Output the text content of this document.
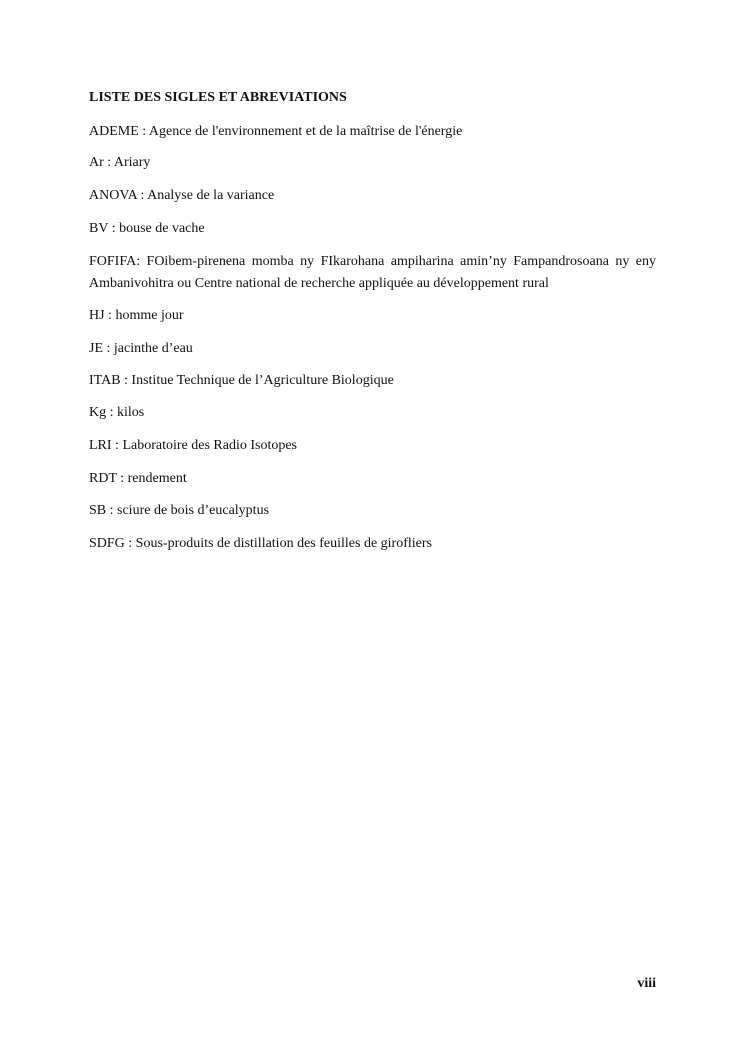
LISTE DES SIGLES ET ABREVIATIONS

ADEME : Agence de l'environnement et de la maîtrise de l'énergie

Ar : Ariary

ANOVA : Analyse de la variance

BV : bouse de vache

FOFIFA: FOibem-pirenena momba ny FIkarohana ampiharina amin’ny Fampandrosoana ny eny Ambanivohitra ou Centre national de recherche appliquée au développement rural

HJ : homme jour

JE : jacinthe d’eau

ITAB : Institue Technique de l’Agriculture Biologique

Kg : kilos

LRI : Laboratoire des Radio Isotopes

RDT : rendement

SB : sciure de bois d’eucalyptus

SDFG : Sous-produits de distillation des feuilles de girofliers

viii
